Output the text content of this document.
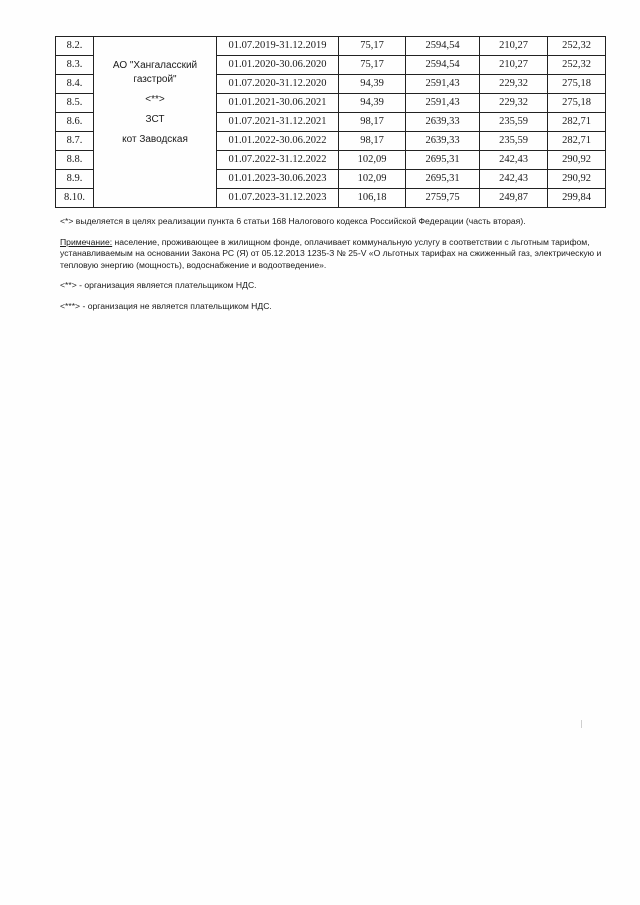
8.2.	АО "Хангаласский
газстрой"
<**>
ЗСТ
кот Заводская	01.07.2019-31.12.2019	75,17	2594,54	210,27	252,32
8.3.		01.01.2020-30.06.2020	75,17	2594,54	210,27	252,32
8.4.		01.07.2020-31.12.2020	94,39	2591,43	229,32	275,18
8.5.		01.01.2021-30.06.2021	94,39	2591,43	229,32	275,18
8.6.		01.07.2021-31.12.2021	98,17	2639,33	235,59	282,71
8.7.		01.01.2022-30.06.2022	98,17	2639,33	235,59	282,71
8.8.		01.07.2022-31.12.2022	102,09	2695,31	242,43	290,92
8.9.		01.01.2023-30.06.2023	102,09	2695,31	242,43	290,92
8.10.		01.07.2023-31.12.2023	106,18	2759,75	249,87	299,84

<*> выделяется в целях реализации пункта 6 статьи 168 Налогового кодекса Российской Федерации (часть вторая).

Примечание: население, проживающее в жилищном фонде, оплачивает коммунальную услугу в соответствии с льготным тарифом, устанавливаемым на основании Закона РС (Я) от 05.12.2013 1235-З № 25-V «О льготных тарифах на сжиженный газ, электрическую и тепловую энергию (мощность), водоснабжение и водоотведение».

<**> - организация является плательщиком НДС.

<***> - организация не является плательщиком НДС.
